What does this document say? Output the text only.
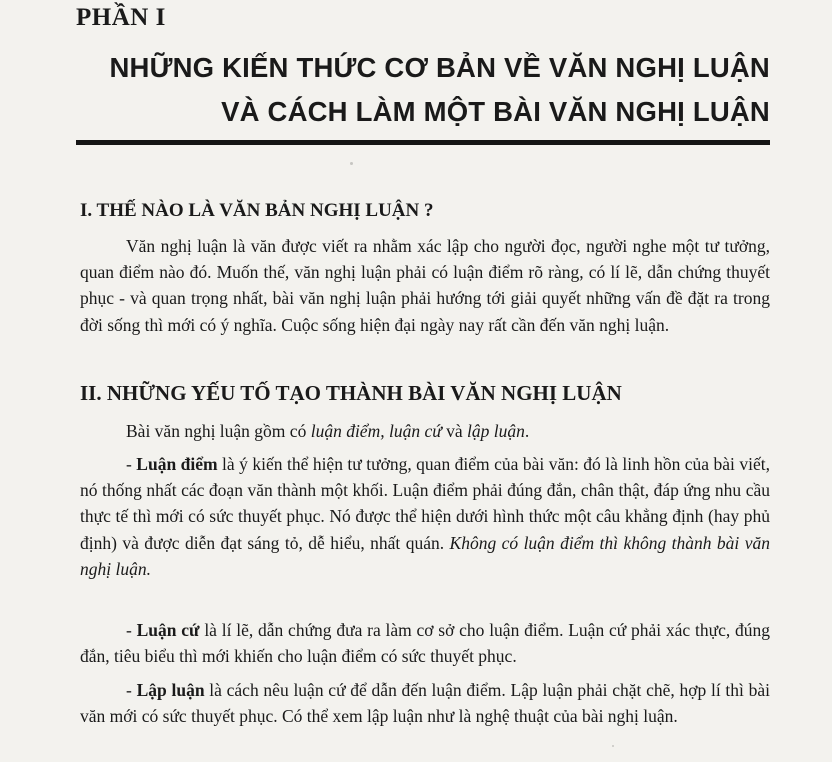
PHẦN I
NHỮNG KIẾN THỨC CƠ BẢN VỀ VĂN NGHỊ LUẬN
VÀ CÁCH LÀM MỘT BÀI VĂN NGHỊ LUẬN
I. THẾ NÀO LÀ VĂN BẢN NGHỊ LUẬN ?
Văn nghị luận là văn được viết ra nhằm xác lập cho người đọc, người nghe một tư tưởng, quan điểm nào đó. Muốn thế, văn nghị luận phải có luận điểm rõ ràng, có lí lẽ, dẫn chứng thuyết phục - và quan trọng nhất, bài văn nghị luận phải hướng tới giải quyết những vấn đề đặt ra trong đời sống thì mới có ý nghĩa. Cuộc sống hiện đại ngày nay rất cần đến văn nghị luận.
II. NHỮNG YẾU TỐ TẠO THÀNH BÀI VĂN NGHỊ LUẬN
Bài văn nghị luận gồm có luận điểm, luận cứ và lập luận.
- Luận điểm là ý kiến thể hiện tư tưởng, quan điểm của bài văn: đó là linh hồn của bài viết, nó thống nhất các đoạn văn thành một khối. Luận điểm phải đúng đắn, chân thật, đáp ứng nhu cầu thực tế thì mới có sức thuyết phục. Nó được thể hiện dưới hình thức một câu khẳng định (hay phủ định) và được diễn đạt sáng tỏ, dễ hiểu, nhất quán. Không có luận điểm thì không thành bài văn nghị luận.
- Luận cứ là lí lẽ, dẫn chứng đưa ra làm cơ sở cho luận điểm. Luận cứ phải xác thực, đúng đắn, tiêu biểu thì mới khiến cho luận điểm có sức thuyết phục.
- Lập luận là cách nêu luận cứ để dẫn đến luận điểm. Lập luận phải chặt chẽ, hợp lí thì bài văn mới có sức thuyết phục. Có thể xem lập luận như là nghệ thuật của bài nghị luận.
